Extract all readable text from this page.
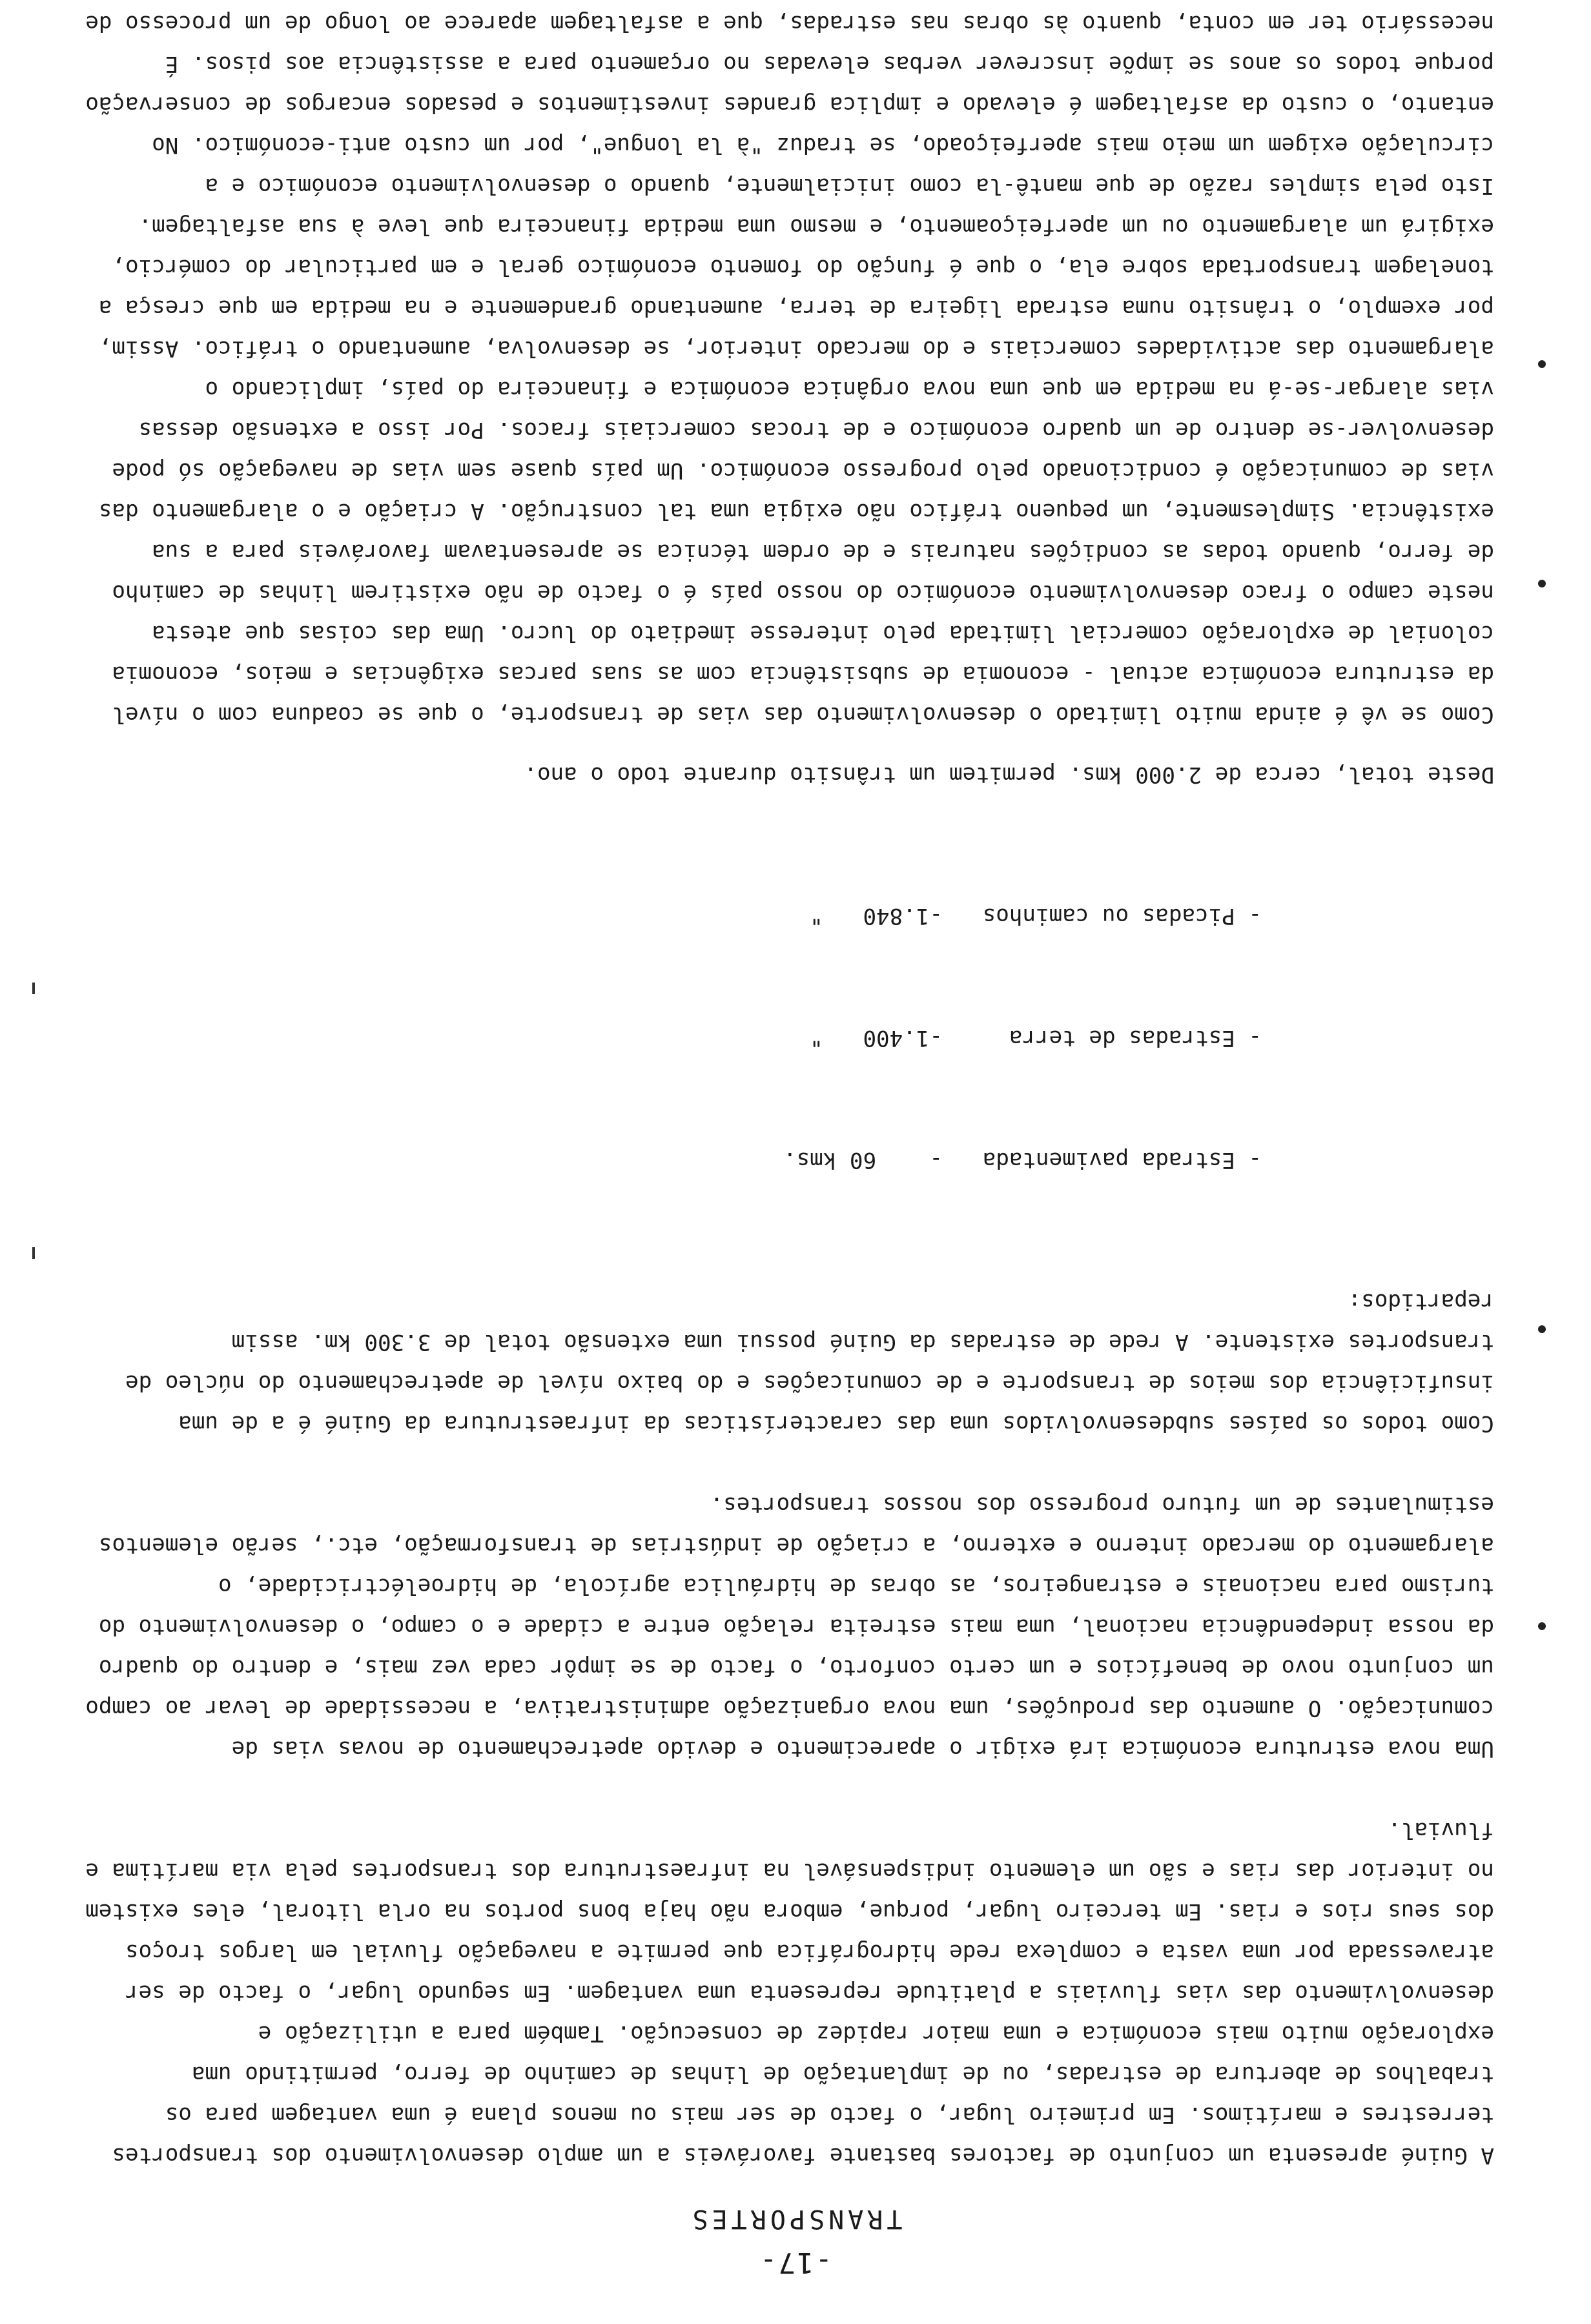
-17-
TRANSPORTES

A Guiné apresenta um conjunto de factores bastante favoráveis a um amplo desenvolvimento dos transportes terrestres e marítimos. Em primeiro lugar, o facto de ser mais ou menos plana é uma vantagem para os trabalhos de abertura de estradas, ou de implantação de linhas de caminho de ferro, permitindo uma exploração muito mais económica e uma maior rapidez de consecução. Também para a utilização e desenvolvimento das vias fluviais a platitude representa uma vantagem. Em segundo lugar, o facto de ser atravessada por uma vasta e complexa rede hidrográfica que permite a navegação fluvial em largos troços dos seus rios e rias. Em terceiro lugar, porque, embora não haja bons portos na orla litoral, eles existem no interior das rias e são um elemento indispensável na infraestrutura dos transportes pela via marítima e fluvial.

Uma nova estrutura económica irá exigir o aparecimento e devido apetrechamento de novas vias de comunicação. O aumento das produções, uma nova organização administrativa, a necessidade de levar ao campo um conjunto novo de benefícios e um certo conforto, o facto de se impôr cada vez mais, e dentro do quadro da nossa independência nacional, uma mais estreita relação entre a cidade e o campo, o desenvolvimento do turismo para nacionais e estrangeiros, as obras de hidráulica agrícola, de hidroeléctricidade, o alargamento do mercado interno e externo, a criação de indústrias de transformação, etc., serão elementos estimulantes de um futuro progresso dos nossos transportes.

Como todos os países subdesenvolvidos uma das características da infraestrutura da Guiné é a de uma insuficiência dos meios de transporte e de comunicações e do baixo nível de apetrechamento do núcleo de transportes existente. A rede de estradas da Guiné possui uma extensão total de 3.300 km. assim repartidos:

- Estrada pavimentada   -    60 kms.

- Estradas de terra     -1.400   "

- Picadas ou caminhos   -1.840   "

Deste total, cerca de 2.000 kms. permitem um trânsito durante todo o ano.

Como se vê é ainda muito limitado o desenvolvimento das vias de transporte, o que se coaduna com o nível da estrutura económica actual - economia de subsistência com as suas parcas exigências e meios, economia colonial de exploração comercial limitada pelo interesse imediato do lucro. Uma das coisas que atesta neste campo o fraco desenvolvimento económico do nosso país é o facto de não existirem linhas de caminho de ferro, quando todas as condições naturais e de ordem técnica se apresentavam favoráveis para a sua existência. Simplesmente, um pequeno tráfico não exigia uma tal construção. A criação e o alargamento das vias de comunicação é condicionado pelo progresso económico. Um país quase sem vias de navegação só pode desenvolver-se dentro de um quadro económico e de trocas comerciais fracos. Por isso a extensão dessas vias alargar-se-á na medida em que uma nova orgânica económica e financeira do país, implicando o alargamento das actividades comerciais e do mercado interior, se desenvolva, aumentando o tráfico. Assim, por exemplo, o trânsito numa estrada ligeira de terra, aumentando grandemente e na medida em que cresça a tonelagem transportada sobre ela, o que é função do fomento económico geral e em particular do comércio, exigirá um alargamento ou um aperfeiçoamento, e mesmo uma medida financeira que leve à sua asfaltagem. Isto pela simples razão de que mantê-la como inicialmente, quando o desenvolvimento económico e a circulação exigem um meio mais aperfeiçoado, se traduz "à la longue", por um custo anti-económico. No entanto, o custo da asfaltagem é elevado e implica grandes investimentos e pesados encargos de conservação porque todos os anos se impõe inscrever verbas elevadas no orçamento para a assistência aos pisos. É necessário ter em conta, quanto às obras nas estradas, que a asfaltagem aparece ao longo de um processo de
